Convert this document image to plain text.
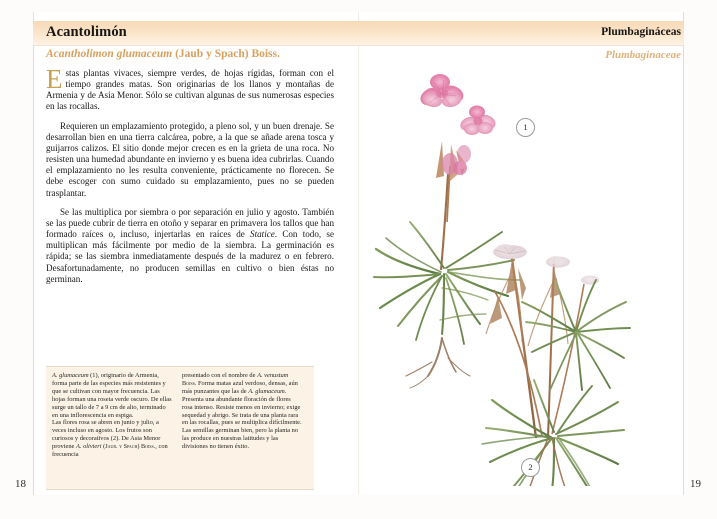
Acantolimón	Plumbagináceas
Acantholimon glumaceum (Jaub y Spach) Boiss.	Plumbaginaceae

Estas plantas vivaces, siempre verdes, de hojas rígidas, forman con el tiempo grandes matas. Son originarias de los llanos y montañas de Armenia y de Asia Menor. Sólo se cultivan algunas de sus numerosas especies en las rocallas.

Requieren un emplazamiento protegido, a pleno sol, y un buen drenaje. Se desarrollan bien en una tierra calcárea, pobre, a la que se añade arena tosca y guijarros calizos. El sitio donde mejor crecen es en la grieta de una roca. No resisten una humedad abundante en invierno y es buena idea cubrirlas. Cuando el emplazamiento no les resulta conveniente, prácticamente no florecen. Se debe escoger con sumo cuidado su emplazamiento, pues no se pueden trasplantar.

Se las multiplica por siembra o por separación en julio y agosto. También se las puede cubrir de tierra en otoño y separar en primavera los tallos que han formado raíces o, incluso, injertarlas en raíces de Statice. Con todo, se multiplican más fácilmente por medio de la siembra. La germinación es rápida; se las siembra inmediatamente después de la madurez o en febrero. Desafortunadamente, no producen semillas en cultivo o bien éstas no germinan.

A. glumaceum (1), originario de Armenia, forma parte de las especies más resistentes y que se cultivan con mayor frecuencia. Las hojas forman una roseta verde oscuro. De ellas surge un tallo de 7 a 9 cm de alto, terminado en una inflorescencia en espiga.
Las flores rosa se abren en junio y julio, a veces incluso en agosto. Los frutos son curiosos y decorativos (2). De Asia Menor proviene A. olivieri (Jaub. y Spach) Boiss., con frecuencia
presentado con el nombre de A. venustum Boiss. Forma matas azul verdoso, densas, aún más punzantes que las de A. glumaceum. Presenta una abundante floración de flores rosa intenso. Resiste menos en invierno; exige sequedad y abrigo. Se trata de una planta rara en las rocallas, pues se multiplica difícilmente. Las semillas germinan bien, pero la planta no las produce en nuestras latitudes y las divisiones no tienen éxito.
1
2
18	19
